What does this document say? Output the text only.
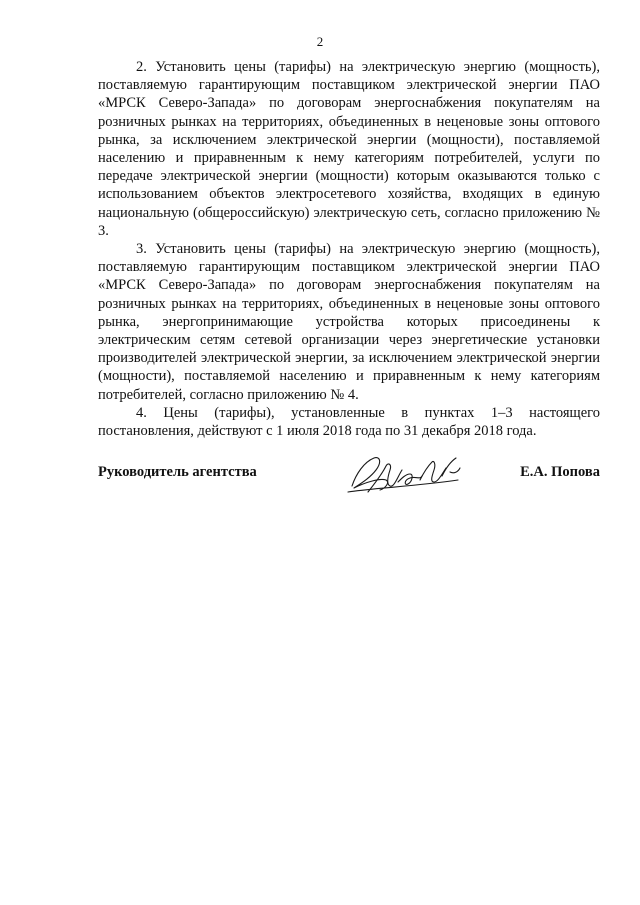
2

2. Установить цены (тарифы) на электрическую энергию (мощность), поставляемую гарантирующим поставщиком электрической энергии ПАО «МРСК Северо-Запада» по договорам энергоснабжения покупателям на розничных рынках на территориях, объединенных в неценовые зоны оптового рынка, за исключением электрической энергии (мощности), поставляемой населению и приравненным к нему категориям потребителей, услуги по передаче электрической энергии (мощности) которым оказываются только с использованием объектов электросетевого хозяйства, входящих в единую национальную (общероссийскую) электрическую сеть, согласно приложению № 3.

3. Установить цены (тарифы) на электрическую энергию (мощность), поставляемую гарантирующим поставщиком электрической энергии ПАО «МРСК Северо-Запада» по договорам энергоснабжения покупателям на розничных рынках на территориях, объединенных в неценовые зоны оптового рынка, энергопринимающие устройства которых присоединены к электрическим сетям сетевой организации через энергетические установки производителей электрической энергии, за исключением электрической энергии (мощности), поставляемой населению и приравненным к нему категориям потребителей, согласно приложению № 4.

4. Цены (тарифы), установленные в пунктах 1–3 настоящего постановления, действуют с 1 июля 2018 года по 31 декабря 2018 года.

Руководитель агентства	Е.А. Попова
